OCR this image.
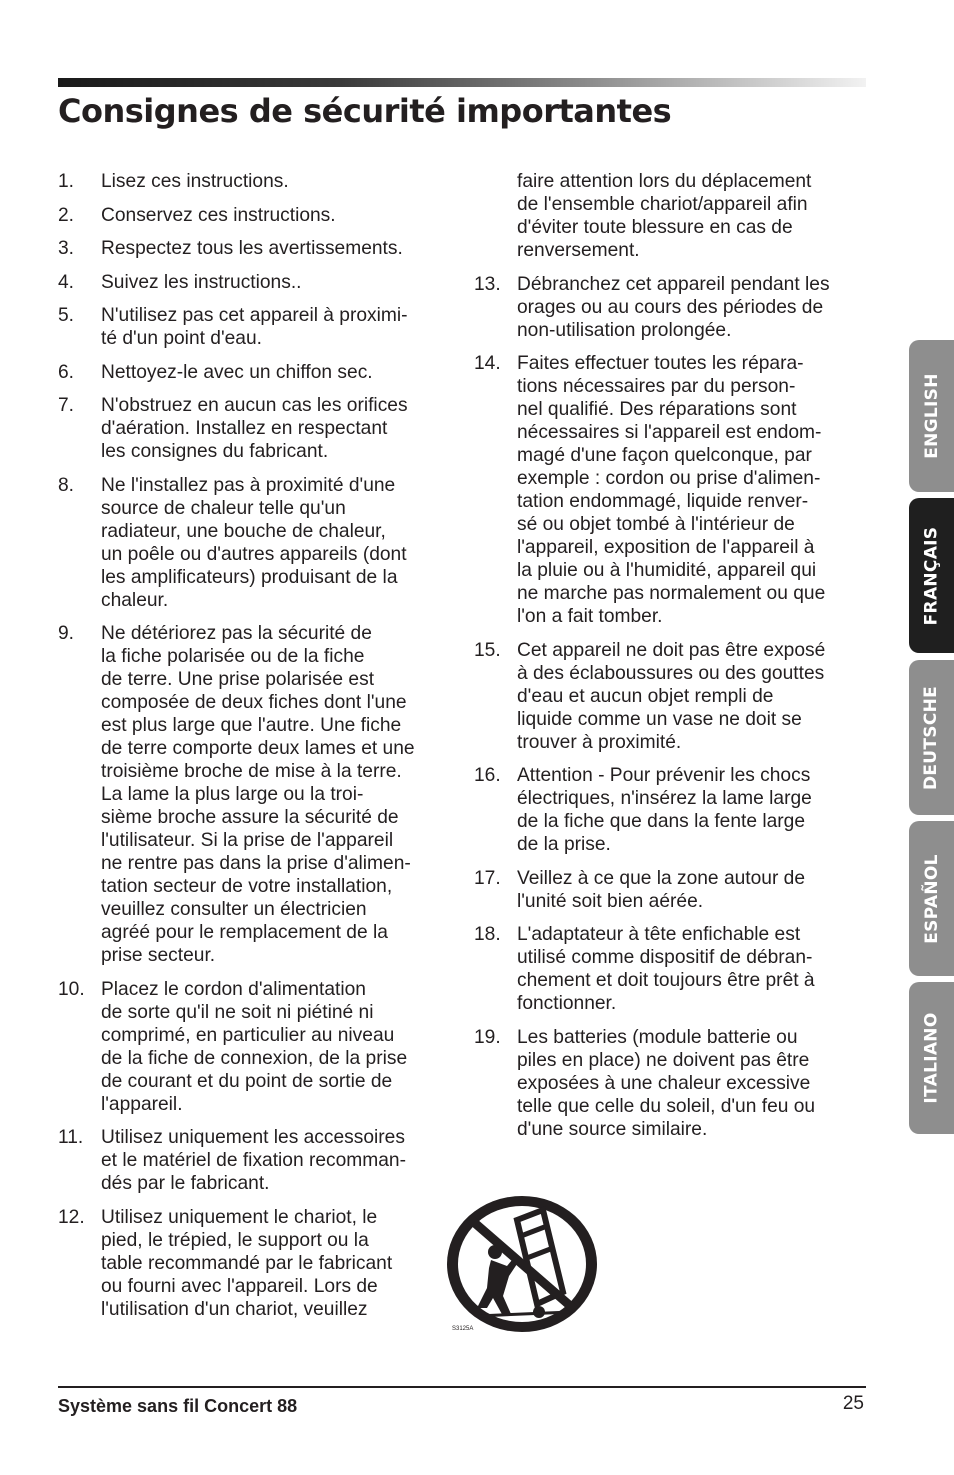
Consignes de sécurité importantes
1.	Lisez ces instructions.
2.	Conservez ces instructions.
3.	Respectez tous les avertissements.
4.	Suivez les instructions..
5.	N'utilisez pas cet appareil à proximi-
té d'un point d'eau.
6.	Nettoyez-le avec un chiffon sec.
7.	N'obstruez en aucun cas les orifices
d'aération. Installez en respectant
les consignes du fabricant.
8.	Ne l'installez pas à proximité d'une
source de chaleur telle qu'un
radiateur, une bouche de chaleur,
un poêle ou d'autres appareils (dont
les amplificateurs) produisant de la
chaleur.
9.	Ne détériorez pas la sécurité de
la fiche polarisée ou de la fiche
de terre. Une prise polarisée est
composée de deux fiches dont l'une
est plus large que l'autre. Une fiche
de terre comporte deux lames et une
troisième broche de mise à la terre.
La lame la plus large ou la troi-
sième broche assure la sécurité de
l'utilisateur. Si la prise de l'appareil
ne rentre pas dans la prise d'alimen-
tation secteur de votre installation,
veuillez consulter un électricien
agréé pour le remplacement de la
prise secteur.
10. Placez le cordon d'alimentation
de sorte qu'il ne soit ni piétiné ni
comprimé, en particulier au niveau
de la fiche de connexion, de la prise
de courant et du point de sortie de
l'appareil.
11. Utilisez uniquement les accessoires
et le matériel de fixation recomman-
dés par le fabricant.
12. Utilisez uniquement le chariot, le
pied, le trépied, le support ou la
table recommandé par le fabricant
ou fourni avec l'appareil. Lors de
l'utilisation d'un chariot, veuillez
faire attention lors du déplacement
de l'ensemble chariot/appareil afin
d'éviter toute blessure en cas de
renversement.
13. Débranchez cet appareil pendant les
orages ou au cours des périodes de
non-utilisation prolongée.
14. Faites effectuer toutes les répara-
tions nécessaires par du person-
nel qualifié. Des réparations sont
nécessaires si l'appareil est endom-
magé d'une façon quelconque, par
exemple : cordon ou prise d'alimen-
tation endommagé, liquide renver-
sé ou objet tombé à l'intérieur de
l'appareil, exposition de l'appareil à
la pluie ou à l'humidité, appareil qui
ne marche pas normalement ou que
l'on a fait tomber.
15. Cet appareil ne doit pas être exposé
à des éclaboussures ou des gouttes
d'eau et aucun objet rempli de
liquide comme un vase ne doit se
trouver à proximité.
16. Attention - Pour prévenir les chocs
électriques, n'insérez la lame large
de la fiche que dans la fente large
de la prise.
17. Veillez à ce que la zone autour de
l'unité soit bien aérée.
18. L'adaptateur à tête enfichable est
utilisé comme dispositif de débran-
chement et doit toujours être prêt à
fonctionner.
19. Les batteries (module batterie ou
piles en place) ne doivent pas être
exposées à une chaleur excessive
telle que celle du soleil, d'un feu ou
d'une source similaire.
ENGLISH
FRANÇAIS
DEUTSCHE
ESPAÑOL
ITALIANO
S3125A
Système sans fil Concert 88	25
